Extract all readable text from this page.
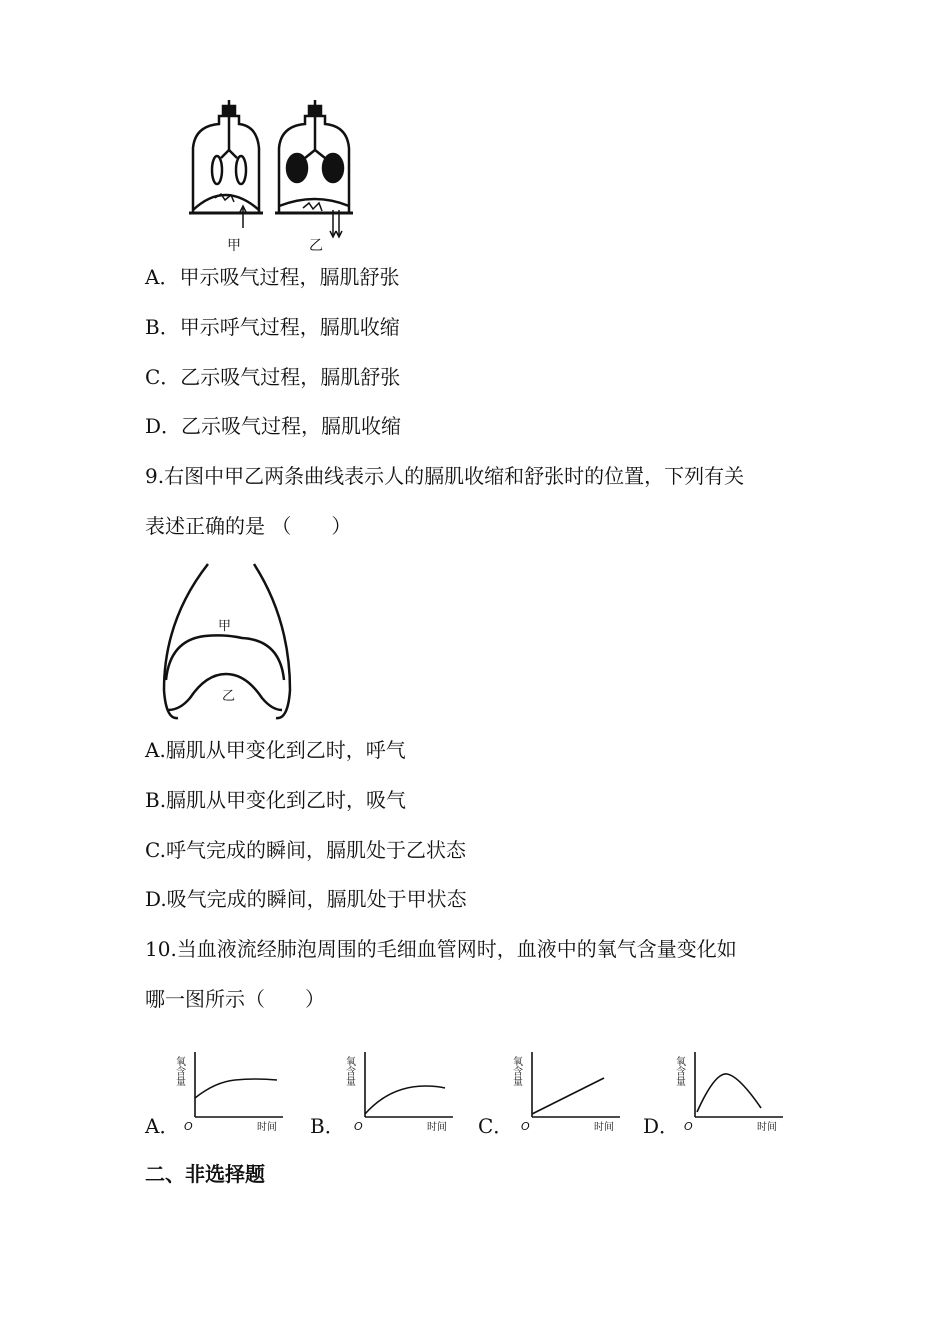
甲	乙
A．甲示吸气过程，膈肌舒张
B．甲示呼气过程，膈肌收缩
C．乙示吸气过程，膈肌舒张
D．乙示吸气过程，膈肌收缩
9.右图中甲乙两条曲线表示人的膈肌收缩和舒张时的位置，下列有关
表述正确的是 （　　）
甲
乙
A.膈肌从甲变化到乙时，呼气
B.膈肌从甲变化到乙时，吸气
C.呼气完成的瞬间，膈肌处于乙状态
D.吸气完成的瞬间，膈肌处于甲状态
10.当血液流经肺泡周围的毛细血管网时，血液中的氧气含量变化如
哪一图所示（　　）
A． O	时间
氧含量
B． O	时间
氧含量
C． O	时间
氧含量
D． O	时间
氧含量
二、非选择题
